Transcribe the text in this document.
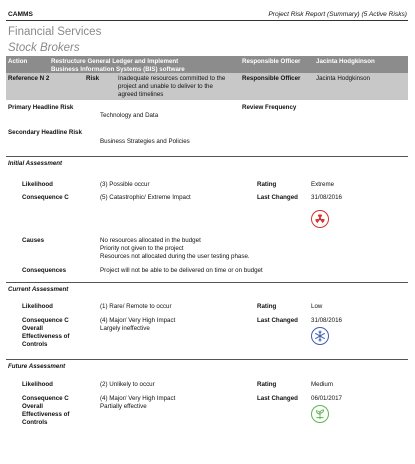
CAMMS	Project Risk Report (Summary) (5 Active Risks)
Financial Services
Stock Brokers
Action	Restructure General Ledger and Implement Business Information Systems (BIS) software
Responsible Officer	Jacinta Hodgkinson
Reference N 2	Risk	Inadequate resources committed to the project and unable to deliver to the agreed timelines
Responsible Officer	Jacinta Hodgkinson
Primary Headline Risk
Technology and Data
Review Frequency
Secondary Headline Risk
Business Strategies and Policies
Initial Assessment
Likelihood	(3) Possible occur	Rating	Extreme
Consequence C	(5) Catastrophic/ Extreme Impact	Last Changed 31/08/2016
Causes	No resources allocated in the budget
Priority not given to the project
Resources not allocated during the user testing phase.
Consequences	Project will not be able to be delivered on time or on budget
Current Assessment
Likelihood	(1) Rare/ Remote to occur	Rating	Low
Consequence C	(4) Major/ Very High Impact	Last Changed 31/08/2016
Overall Effectiveness of Controls
Largely ineffective
Future Assessment
Likelihood	(2) Unlikely to occur	Rating	Medium
Consequence C	(4) Major/ Very High Impact	Last Changed 06/01/2017
Overall Effectiveness of Controls
Partially effective
